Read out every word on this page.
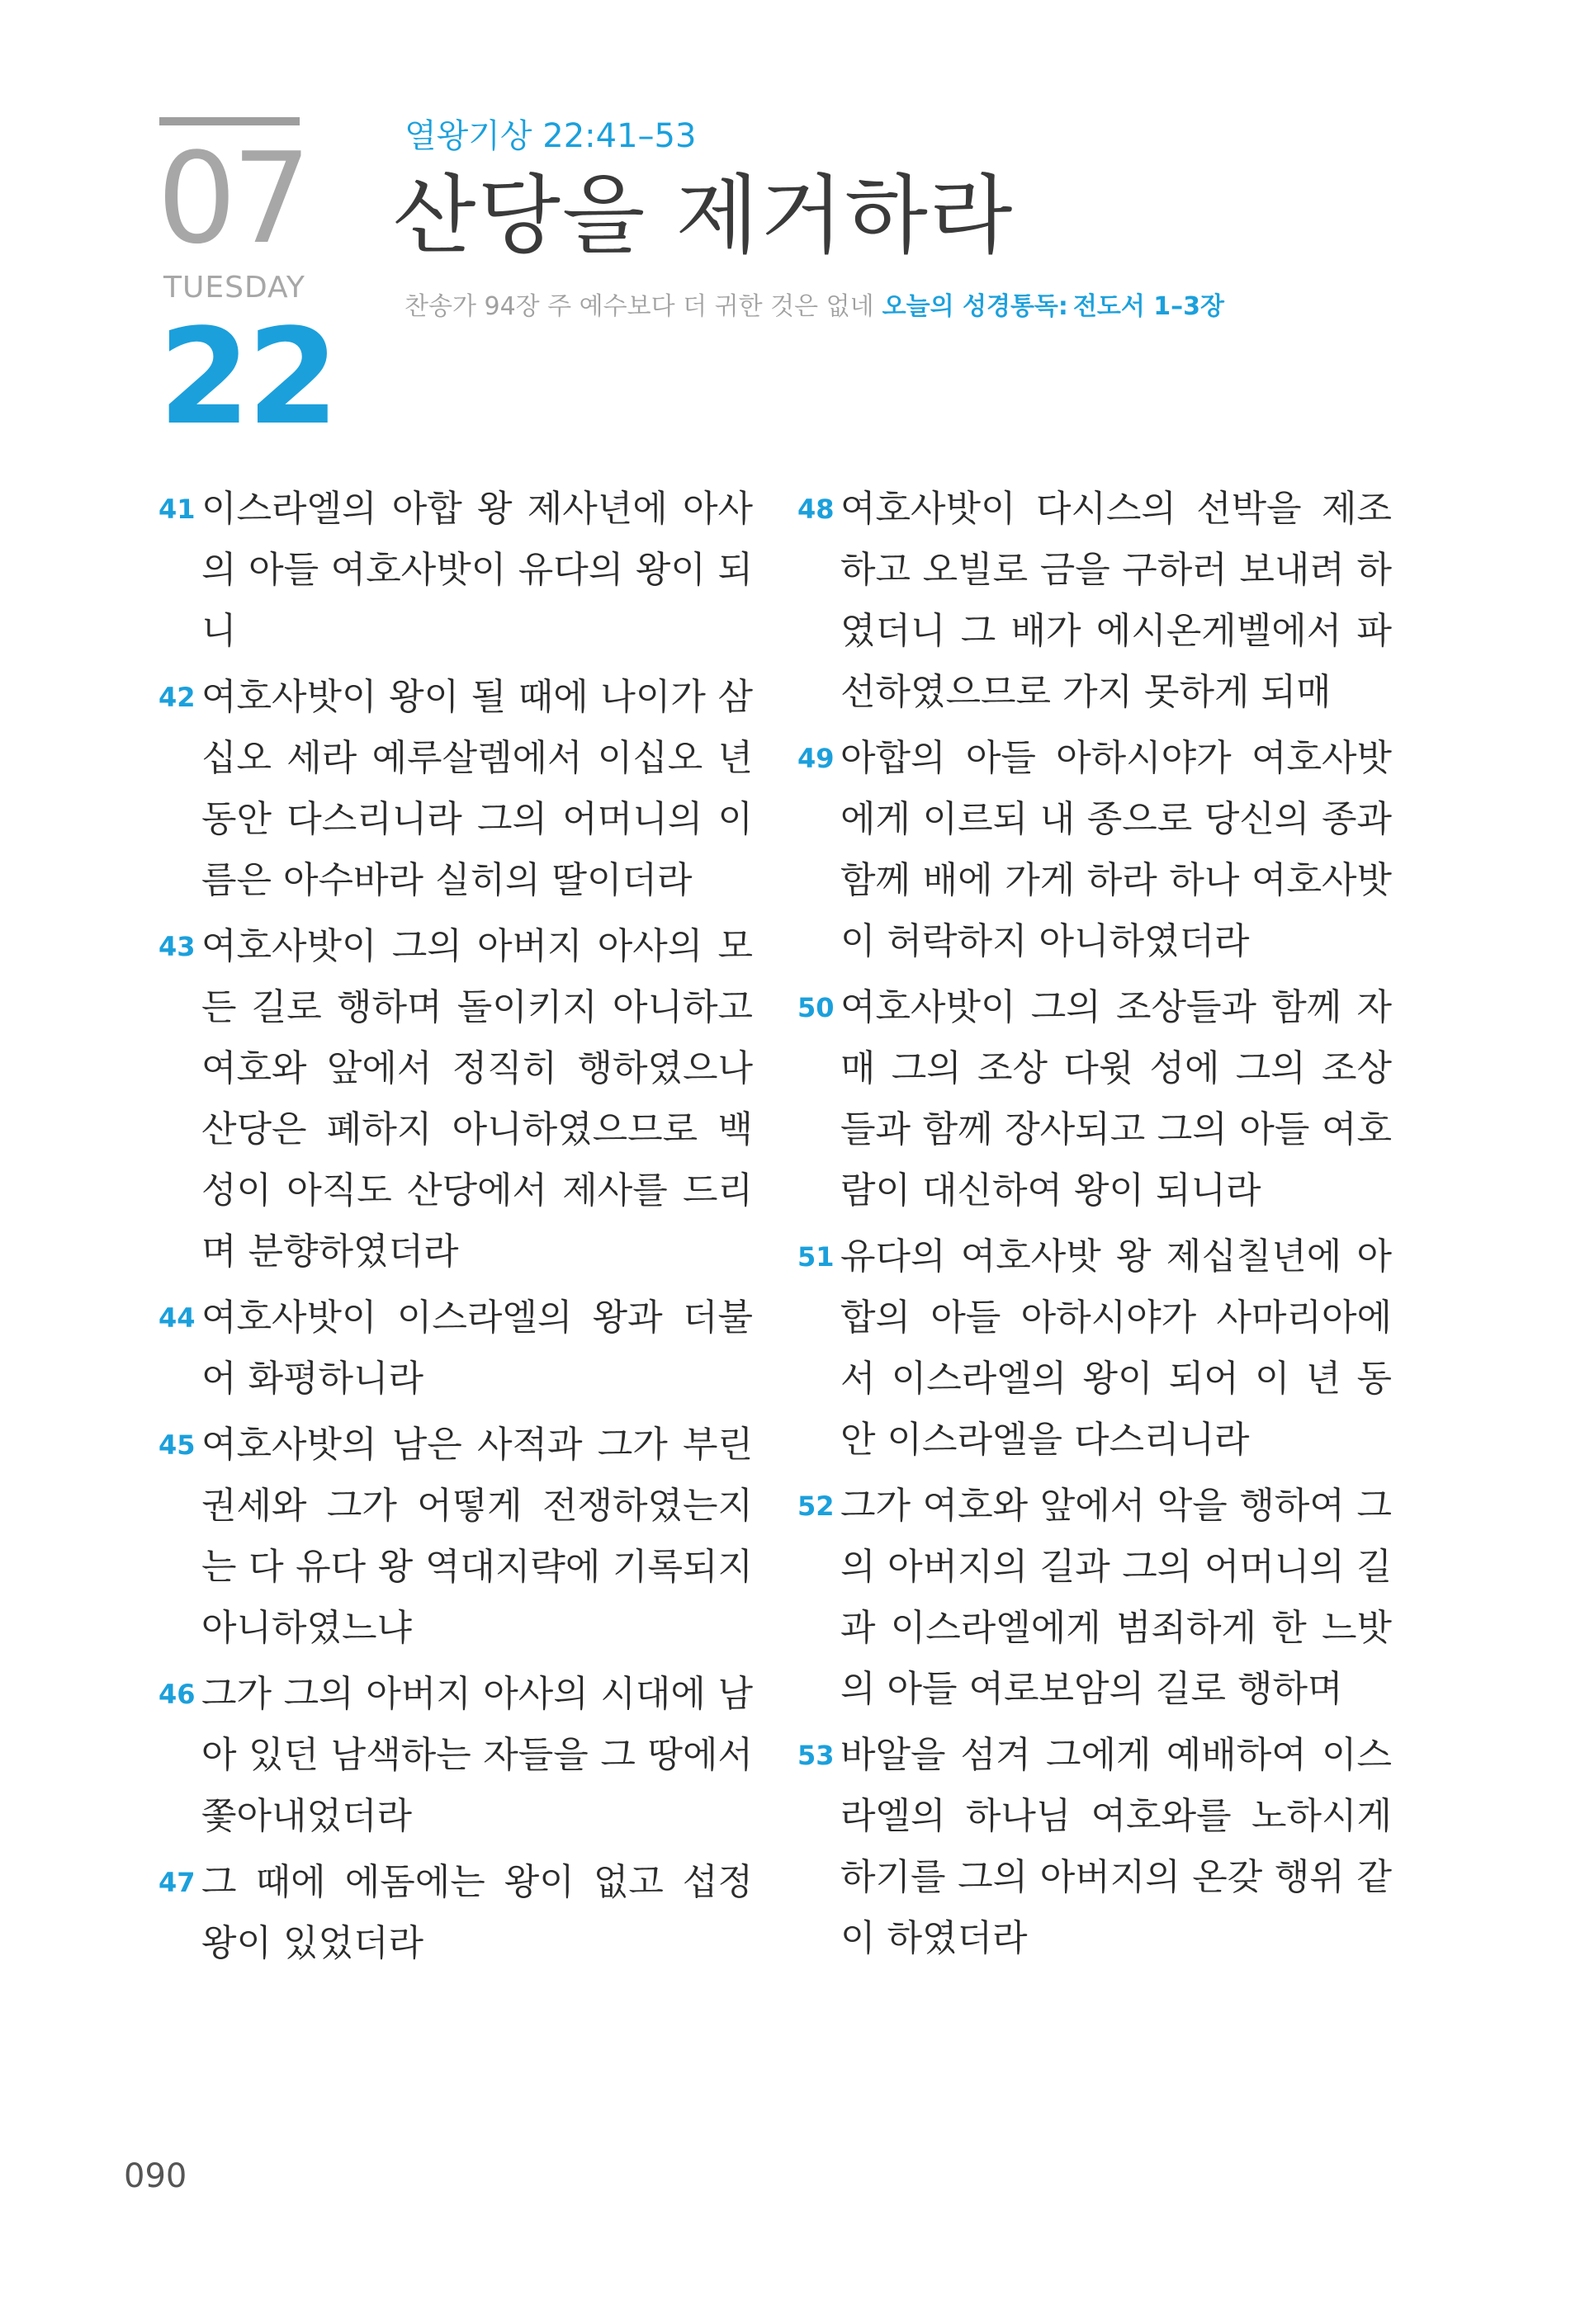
07
TUESDAY
22
열왕기상 22:41–53
산당을 제거하라
찬송가 94장 주 예수보다 더 귀한 것은 없네 오늘의 성경통독: 전도서 1–3장
41 이스라엘의 아합 왕 제사년에 아사의 아들 여호사밧이 유다의 왕이 되니
42 여호사밧이 왕이 될 때에 나이가 삼십오 세라 예루살렘에서 이십오 년 동안 다스리니라 그의 어머니의 이름은 아수바라 실히의 딸이더라
43 여호사밧이 그의 아버지 아사의 모든 길로 행하며 돌이키지 아니하고 여호와 앞에서 정직히 행하였으나 산당은 폐하지 아니하였으므로 백성이 아직도 산당에서 제사를 드리며 분향하였더라
44 여호사밧이 이스라엘의 왕과 더불어 화평하니라
45 여호사밧의 남은 사적과 그가 부린 권세와 그가 어떻게 전쟁하였는지는 다 유다 왕 역대지략에 기록되지 아니하였느냐
46 그가 그의 아버지 아사의 시대에 남아 있던 남색하는 자들을 그 땅에서 쫓아내었더라
47 그 때에 에돔에는 왕이 없고 섭정 왕이 있었더라
48 여호사밧이 다시스의 선박을 제조하고 오빌로 금을 구하러 보내려 하였더니 그 배가 에시온게벨에서 파선하였으므로 가지 못하게 되매
49 아합의 아들 아하시야가 여호사밧에게 이르되 내 종으로 당신의 종과 함께 배에 가게 하라 하나 여호사밧이 허락하지 아니하였더라
50 여호사밧이 그의 조상들과 함께 자매 그의 조상 다윗 성에 그의 조상들과 함께 장사되고 그의 아들 여호람이 대신하여 왕이 되니라
51 유다의 여호사밧 왕 제십칠년에 아합의 아들 아하시야가 사마리아에서 이스라엘의 왕이 되어 이 년 동안 이스라엘을 다스리니라
52 그가 여호와 앞에서 악을 행하여 그의 아버지의 길과 그의 어머니의 길과 이스라엘에게 범죄하게 한 느밧의 아들 여로보암의 길로 행하며
53 바알을 섬겨 그에게 예배하여 이스라엘의 하나님 여호와를 노하시게 하기를 그의 아버지의 온갖 행위 같이 하였더라
090
